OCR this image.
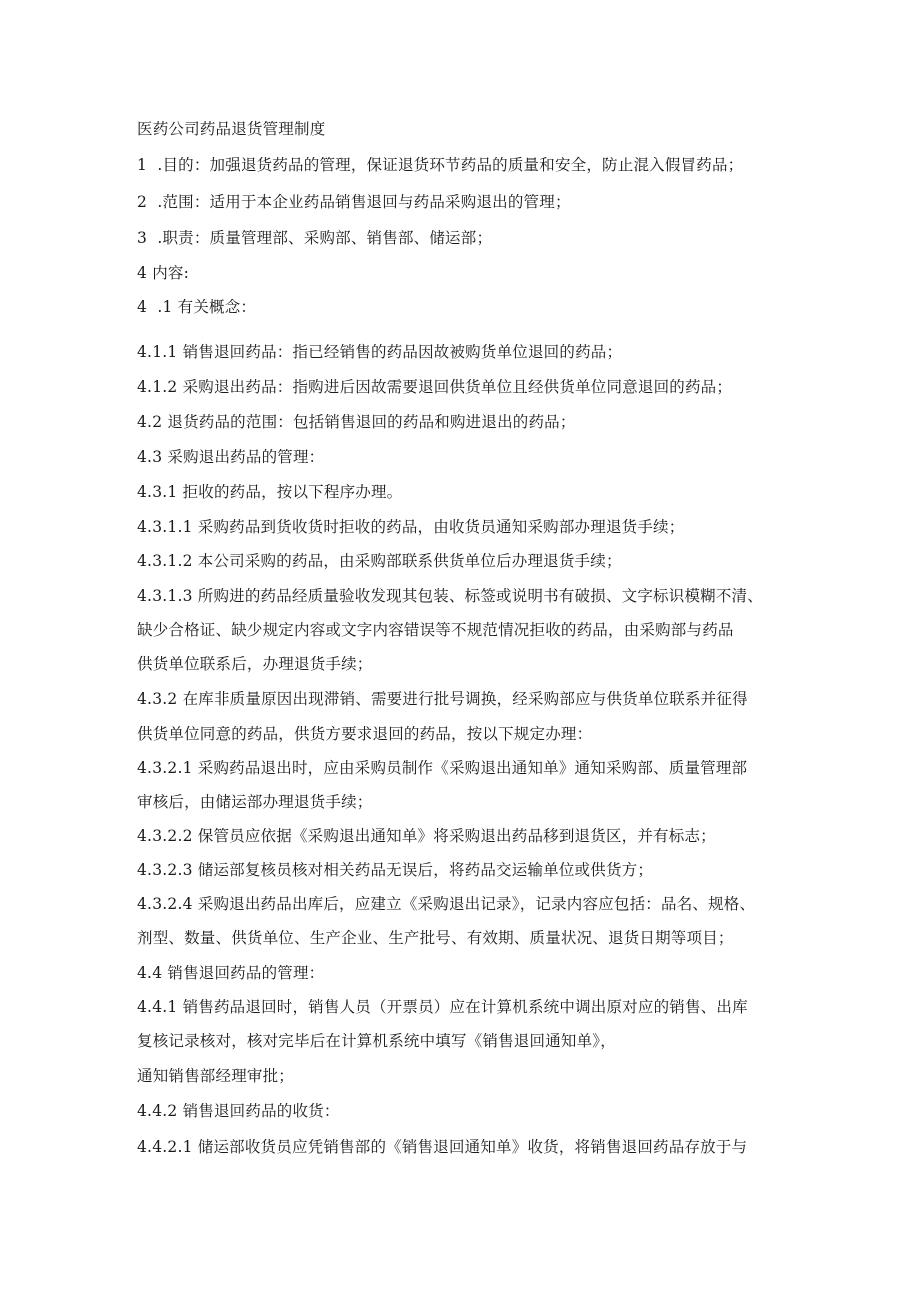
医药公司药品退货管理制度
1  .目的：加强退货药品的管理，保证退货环节药品的质量和安全，防止混入假冒药品；
2  .范围：适用于本企业药品销售退回与药品采购退出的管理；
3  .职责：质量管理部、采购部、销售部、储运部；
4 内容:
4  .1 有关概念：
4.1.1 销售退回药品：指已经销售的药品因故被购货单位退回的药品；
4.1.2 采购退出药品：指购进后因故需要退回供货单位且经供货单位同意退回的药品；
4.2 退货药品的范围：包括销售退回的药品和购进退出的药品；
4.3 采购退出药品的管理：
4.3.1 拒收的药品，按以下程序办理。
4.3.1.1 采购药品到货收货时拒收的药品，由收货员通知采购部办理退货手续；
4.3.1.2 本公司采购的药品，由采购部联系供货单位后办理退货手续；
4.3.1.3 所购进的药品经质量验收发现其包装、标签或说明书有破损、文字标识模糊不清、
缺少合格证、缺少规定内容或文字内容错误等不规范情况拒收的药品，由采购部与药品
供货单位联系后，办理退货手续；
4.3.2 在库非质量原因出现滞销、需要进行批号调换，经采购部应与供货单位联系并征得
供货单位同意的药品，供货方要求退回的药品，按以下规定办理：
4.3.2.1 采购药品退出时，应由采购员制作《采购退出通知单》通知采购部、质量管理部
审核后，由储运部办理退货手续；
4.3.2.2 保管员应依据《采购退出通知单》将采购退出药品移到退货区，并有标志；
4.3.2.3 储运部复核员核对相关药品无误后，将药品交运输单位或供货方；
4.3.2.4 采购退出药品出库后，应建立《采购退出记录》，记录内容应包括：品名、规格、
剂型、数量、供货单位、生产企业、生产批号、有效期、质量状况、退货日期等项目；
4.4 销售退回药品的管理：
4.4.1 销售药品退回时，销售人员（开票员）应在计算机系统中调出原对应的销售、出库
复核记录核对，核对完毕后在计算机系统中填写《销售退回通知单》，
通知销售部经理审批；
4.4.2 销售退回药品的收货：
4.4.2.1 储运部收货员应凭销售部的《销售退回通知单》收货，将销售退回药品存放于与
